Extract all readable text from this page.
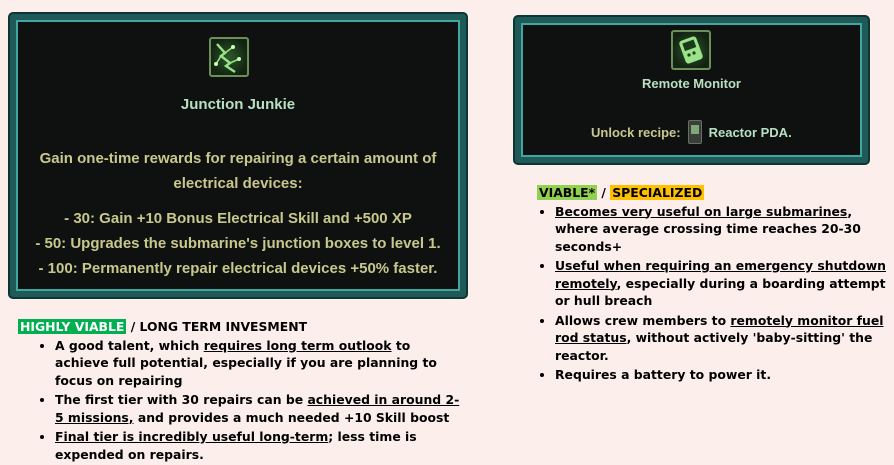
Junction Junkie
Gain one-time rewards for repairing a certain amount of electrical devices:
- 30: Gain +10 Bonus Electrical Skill and +500 XP
- 50: Upgrades the submarine's junction boxes to level 1.
- 100: Permanently repair electrical devices +50% faster.
Remote Monitor
Unlock recipe: Reactor PDA.
HIGHLY VIABLE / LONG TERM INVESMENT
• A good talent, which requires long term outlook to achieve full potential, especially if you are planning to focus on repairing
• The first tier with 30 repairs can be achieved in around 2-5 missions, and provides a much needed +10 Skill boost
• Final tier is incredibly useful long-term; less time is expended on repairs.
VIABLE* / SPECIALIZED
• Becomes very useful on large submarines, where average crossing time reaches 20-30 seconds+
• Useful when requiring an emergency shutdown remotely, especially during a boarding attempt or hull breach
• Allows crew members to remotely monitor fuel rod status, without actively 'baby-sitting' the reactor.
• Requires a battery to power it.
